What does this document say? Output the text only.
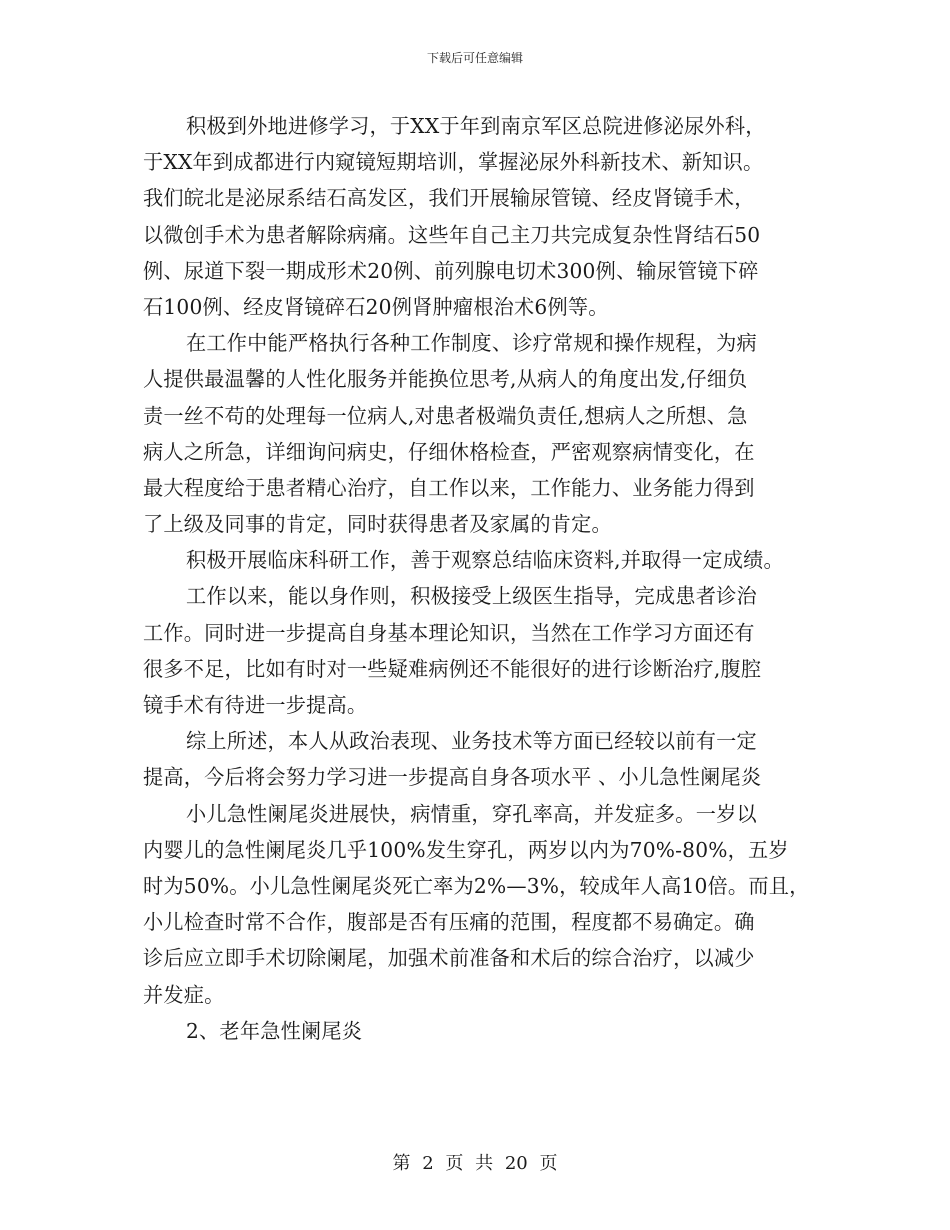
下载后可任意编辑
积极到外地进修学习，于XX于年到南京军区总院进修泌尿外科，
于XX年到成都进行内窥镜短期培训，掌握泌尿外科新技术、新知识。
我们皖北是泌尿系结石高发区，我们开展输尿管镜、经皮肾镜手术，
以微创手术为患者解除病痛。这些年自己主刀共完成复杂性肾结石50
例、尿道下裂一期成形术20例、前列腺电切术300例、输尿管镜下碎
石100例、经皮肾镜碎石20例肾肿瘤根治术6例等。
在工作中能严格执行各种工作制度、诊疗常规和操作规程，为病
人提供最温馨的人性化服务并能换位思考,从病人的角度出发,仔细负
责一丝不苟的处理每一位病人,对患者极端负责任,想病人之所想、急
病人之所急，详细询问病史，仔细休格检查，严密观察病情变化，在
最大程度给于患者精心治疗，自工作以来，工作能力、业务能力得到
了上级及同事的肯定，同时获得患者及家属的肯定。
积极开展临床科研工作，善于观察总结临床资料,并取得一定成绩。
工作以来，能以身作则，积极接受上级医生指导，完成患者诊治
工作。同时进一步提高自身基本理论知识，当然在工作学习方面还有
很多不足，比如有时对一些疑难病例还不能很好的进行诊断治疗,腹腔
镜手术有待进一步提高。
综上所述，本人从政治表现、业务技术等方面已经较以前有一定
提高，今后将会努力学习进一步提高自身各项水平 、小儿急性阑尾炎
小儿急性阑尾炎进展快，病情重，穿孔率高，并发症多。一岁以
内婴儿的急性阑尾炎几乎100%发生穿孔，两岁以内为70%-80%，五岁
时为50%。小儿急性阑尾炎死亡率为2%—3%，较成年人高10倍。而且，
小儿检查时常不合作，腹部是否有压痛的范围，程度都不易确定。确
诊后应立即手术切除阑尾，加强术前准备和术后的综合治疗，以减少
并发症。
2、老年急性阑尾炎
第 2 页 共 20 页
